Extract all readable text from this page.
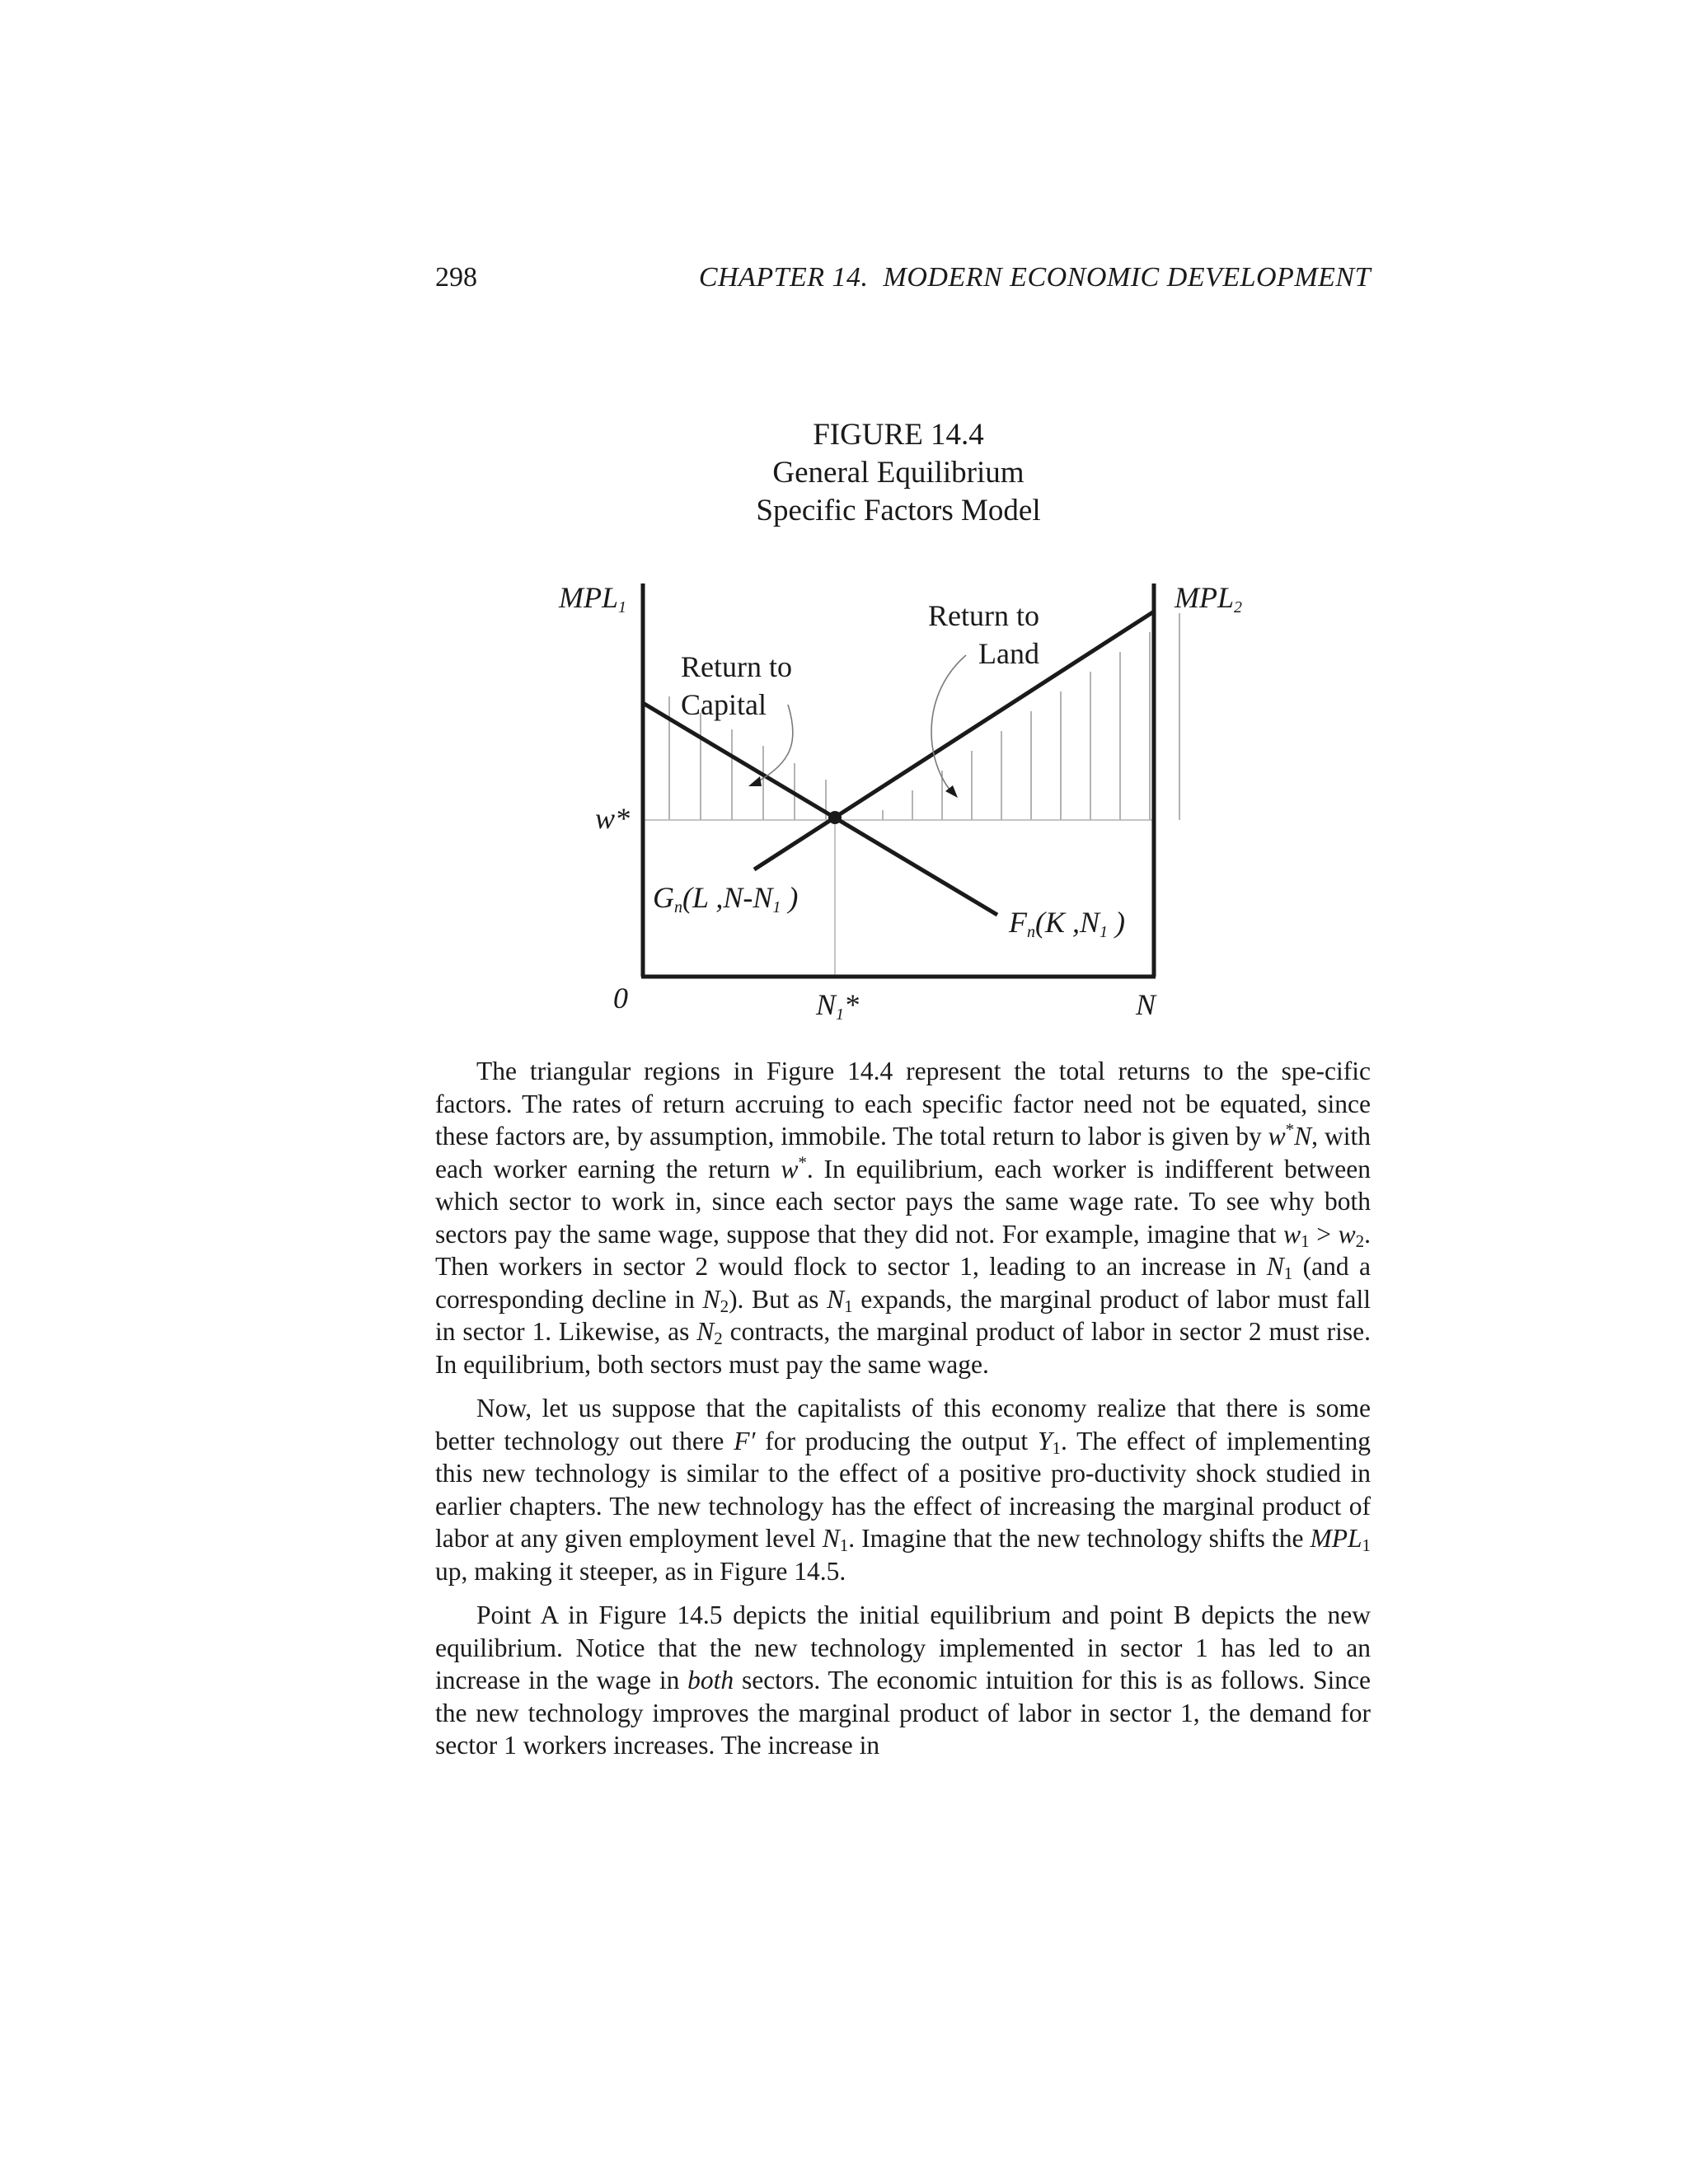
298	CHAPTER 14.  MODERN ECONOMIC DEVELOPMENT
FIGURE 14.4
General Equilibrium
Specific Factors Model
$MPL_1$	$MPL_2$
w*
0	N1*	N
Return to
Capital
Return to
Land
Gn(L ,N-N1 )
Fn(K ,N1 )

The triangular regions in Figure 14.4 represent the total returns to the spe-cific factors. The rates of return accruing to each specific factor need not be equated, since these factors are, by assumption, immobile. The total return to labor is given by w*N, with each worker earning the return w*. In equilibrium, each worker is indifferent between which sector to work in, since each sector pays the same wage rate. To see why both sectors pay the same wage, suppose that they did not. For example, imagine that $w_1 > w_2$. Then workers in sector 2 would flock to sector 1, leading to an increase in $N_1$ (and a corresponding decline in $N_2$). But as $N_1$ expands, the marginal product of labor must fall in sector 1. Likewise, as $N_2$ contracts, the marginal product of labor in sector 2 must rise. In equilibrium, both sectors must pay the same wage.

Now, let us suppose that the capitalists of this economy realize that there is some better technology out there F′ for producing the output $Y_1$. The effect of implementing this new technology is similar to the effect of a positive pro-ductivity shock studied in earlier chapters. The new technology has the effect of increasing the marginal product of labor at any given employment level $N_1$. Imagine that the new technology shifts the $MPL_1$ up, making it steeper, as in Figure 14.5.

Point A in Figure 14.5 depicts the initial equilibrium and point B depicts the new equilibrium. Notice that the new technology implemented in sector 1 has led to an increase in the wage in both sectors. The economic intuition for this is as follows. Since the new technology improves the marginal product of labor in sector 1, the demand for sector 1 workers increases. The increase in
